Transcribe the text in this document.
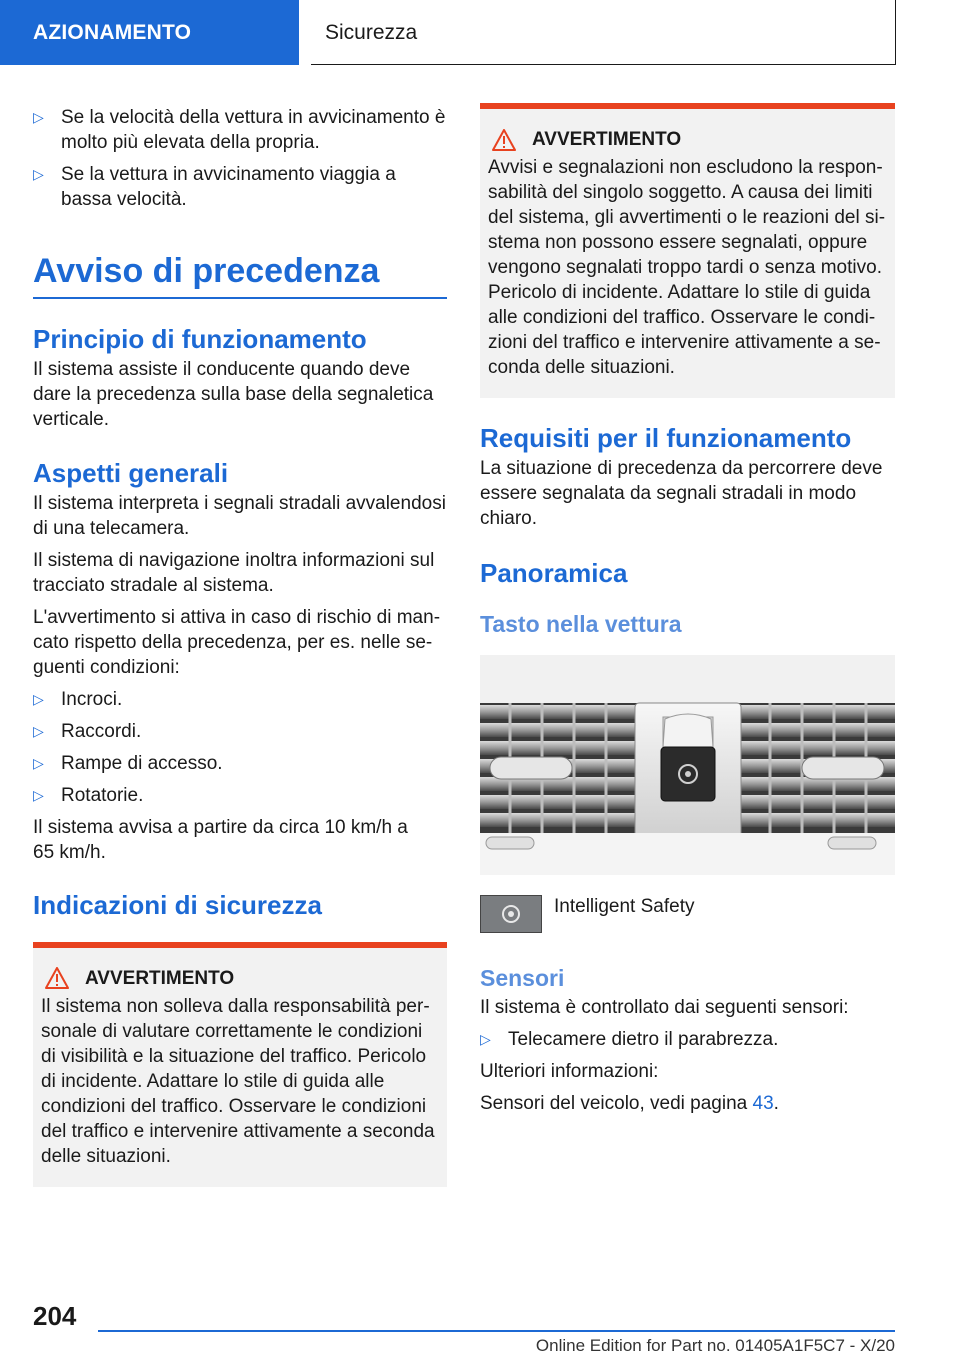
AZIONAMENTO	Sicurezza
▷ Se la velocità della vettura in avvicinamento è molto più elevata della propria.
▷ Se la vettura in avvicinamento viaggia a bassa velocità.
Avviso di precedenza
Principio di funzionamento

Il sistema assiste il conducente quando deve dare la precedenza sulla base della segnaletica verticale.

Aspetti generali

Il sistema interpreta i segnali stradali avvalendosi di una telecamera.

Il sistema di navigazione inoltra informazioni sul tracciato stradale al sistema.

L'avvertimento si attiva in caso di rischio di mancato rispetto della precedenza, per es. nelle seguenti condizioni:

▷ Incroci.
▷ Raccordi.
▷ Rampe di accesso.
▷ Rotatorie.

Il sistema avvisa a partire da circa 10 km/h a 65 km/h.

Indicazioni di sicurezza
AVVERTIMENTO

Il sistema non solleva dalla responsabilità personale di valutare correttamente le condizioni di visibilità e la situazione del traffico. Pericolo di incidente. Adattare lo stile di guida alle condizioni del traffico. Osservare le condizioni del traffico e intervenire attivamente a seconda delle situazioni.

AVVERTIMENTO

Avvisi e segnalazioni non escludono la responsabilità del singolo soggetto. A causa dei limiti del sistema, gli avvertimenti o le reazioni del sistema non possono essere segnalati, oppure vengono segnalati troppo tardi o senza motivo. Pericolo di incidente. Adattare lo stile di guida alle condizioni del traffico. Osservare le condizioni del traffico e intervenire attivamente a seconda delle situazioni.

Requisiti per il funzionamento

La situazione di precedenza da percorrere deve essere segnalata da segnali stradali in modo chiaro.

Panoramica
Tasto nella vettura

Intelligent Safety

Sensori

Il sistema è controllato dai seguenti sensori:

▷ Telecamere dietro il parabrezza.

Ulteriori informazioni:

Sensori del veicolo, vedi pagina 43.

204
Online Edition for Part no. 01405A1F5C7 - X/20
